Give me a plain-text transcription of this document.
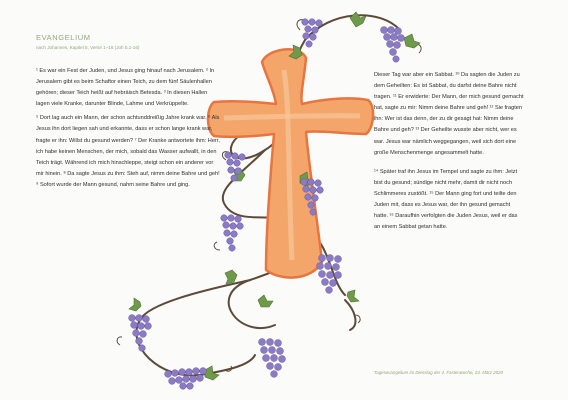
EVANGELIUM
nach Johannes, Kapitel 5, Verse 1–16 (Joh 5,1-16)

¹ Es war ein Fest der Juden, und Jesus ging hinauf nach Jerusalem. ² In Jerusalem gibt es beim Schaftor einen Teich, zu dem fünf Säulenhallen gehören; dieser Teich heißt auf hebräisch Betesda. ³ In diesen Hallen lagen viele Kranke, darunter Blinde, Lahme und Verkrüppelte.

⁵ Dort lag auch ein Mann, der schon achtunddreißig Jahre krank war. ⁶ Als Jesus ihn dort liegen sah und erkannte, dass er schon lange krank war, fragte er ihn: Willst du gesund werden? ⁷ Der Kranke antwortete ihm: Herr, ich habe keinen Menschen, der mich, sobald das Wasser aufwallt, in den Teich trägt. Während ich mich hinschleppe, steigt schon ein anderer vor mir hinein. ⁸ Da sagte Jesus zu ihm: Steh auf, nimm deine Bahre und geh! ⁹ Sofort wurde der Mann gesund, nahm seine Bahre und ging.

Dieser Tag war aber ein Sabbat. ¹⁰ Da sagten die Juden zu dem Geheilten: Es ist Sabbat, du darfst deine Bahre nicht tragen. ¹¹ Er erwiderte: Der Mann, der mich gesund gemacht hat, sagte zu mir: Nimm deine Bahre und geh! ¹² Sie fragten ihn: Wer ist das denn, der zu dir gesagt hat: Nimm deine Bahre und geh? ¹³ Der Geheilte wusste aber nicht, wer es war. Jesus war nämlich weggegangen, weil sich dort eine große Menschenmenge angesammelt hatte.

¹⁴ Später traf ihn Jesus im Tempel und sagte zu ihm: Jetzt bist du gesund; sündige nicht mehr, damit dir nicht noch Schlimmeres zustößt. ¹⁵ Der Mann ging fort und teilte den Juden mit, dass es Jesus war, der ihn gesund gemacht hatte. ¹⁶ Daraufhin verfolgten die Juden Jesus, weil er das an einem Sabbat getan hatte.

Tagesevangelium im Dienstag der 4. Fastenwoche, 24. März 2020
